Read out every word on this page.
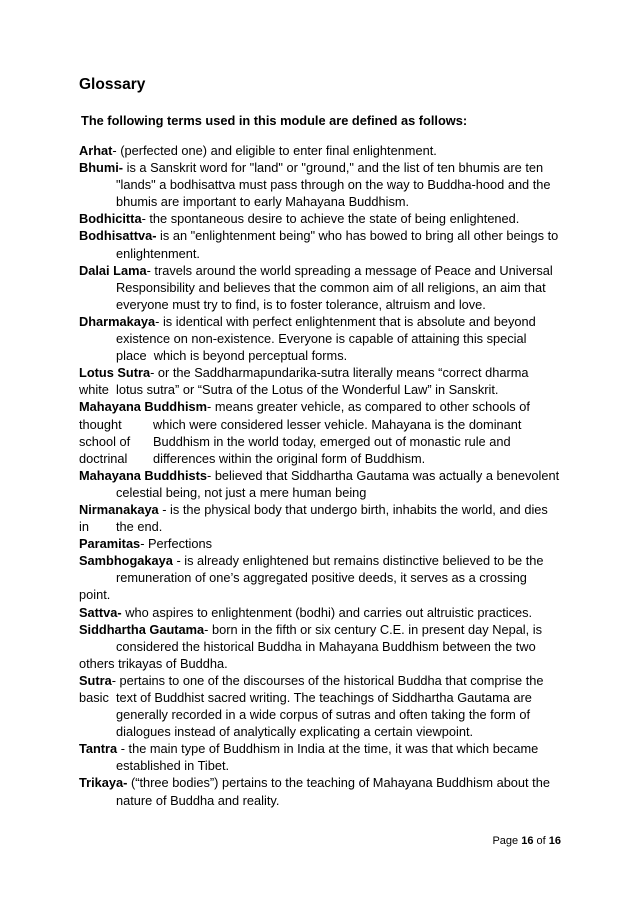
Glossary

The following terms used in this module are defined as follows:

Arhat- (perfected one) and eligible to enter final enlightenment.
Bhumi- is a Sanskrit word for "land" or "ground," and the list of ten bhumis are ten
"lands" a bodhisattva must pass through on the way to Buddha-hood and the
bhumis are important to early Mahayana Buddhism.
Bodhicitta- the spontaneous desire to achieve the state of being enlightened.
Bodhisattva- is an "enlightenment being" who has bowed to bring all other beings to
enlightenment.
Dalai Lama- travels around the world spreading a message of Peace and Universal
Responsibility and believes that the common aim of all religions, an aim that
everyone must try to find, is to foster tolerance, altruism and love.
Dharmakaya- is identical with perfect enlightenment that is absolute and beyond
existence on non-existence. Everyone is capable of attaining this special
place  which is beyond perceptual forms.
Lotus Sutra- or the Saddharmapundarika-sutra literally means “correct dharma
white lotus sutra” or “Sutra of the Lotus of the Wonderful Law” in Sanskrit.
Mahayana Buddhism- means greater vehicle, as compared to other schools of
thought which were considered lesser vehicle. Mahayana is the dominant
school of Buddhism in the world today, emerged out of monastic rule and
doctrinal differences within the original form of Buddhism.
Mahayana Buddhists- believed that Siddhartha Gautama was actually a benevolent
celestial being, not just a mere human being
Nirmanakaya - is the physical body that undergo birth, inhabits the world, and dies
in the end.
Paramitas- Perfections
Sambhogakaya - is already enlightened but remains distinctive believed to be the
remuneration of one’s aggregated positive deeds, it serves as a crossing
point.
Sattva- who aspires to enlightenment (bodhi) and carries out altruistic practices.
Siddhartha Gautama- born in the fifth or six century C.E. in present day Nepal, is
considered the historical Buddha in Mahayana Buddhism between the two
others trikayas of Buddha.
Sutra- pertains to one of the discourses of the historical Buddha that comprise the
basic text of Buddhist sacred writing. The teachings of Siddhartha Gautama are
generally recorded in a wide corpus of sutras and often taking the form of
dialogues instead of analytically explicating a certain viewpoint.
Tantra - the main type of Buddhism in India at the time, it was that which became
established in Tibet.
Trikaya- (“three bodies”) pertains to the teaching of Mahayana Buddhism about the
nature of Buddha and reality.
Page 16 of 16
